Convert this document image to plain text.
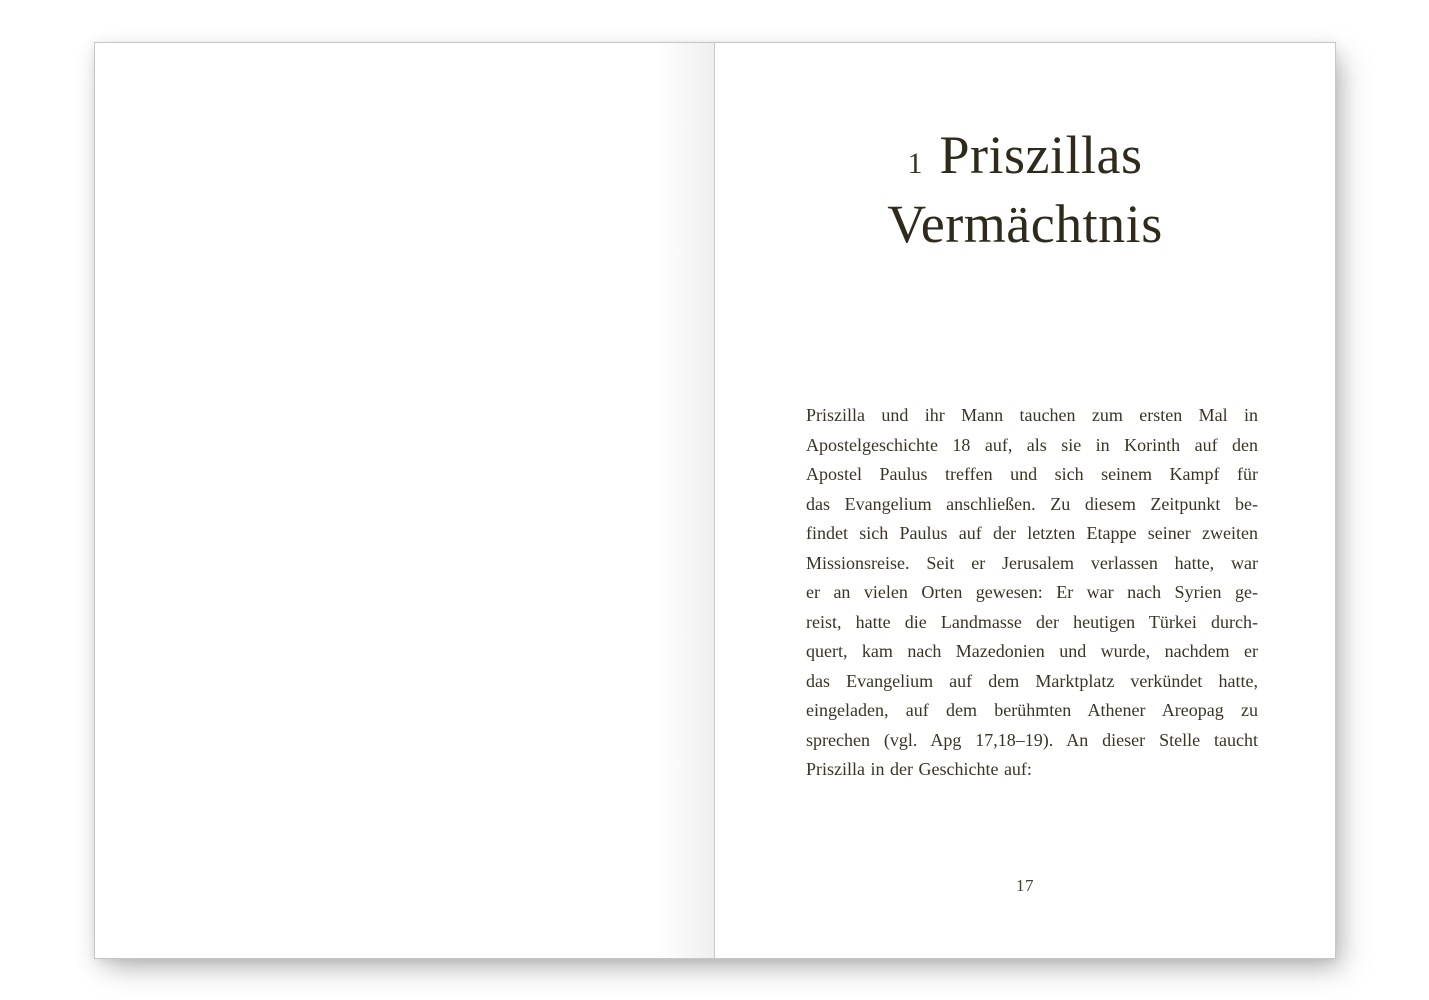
1 Priszillas
Vermächtnis
Priszilla und ihr Mann tauchen zum ersten Mal in
Apostelgeschichte 18 auf, als sie in Korinth auf den
Apostel Paulus treffen und sich seinem Kampf für
das Evangelium anschließen. Zu diesem Zeitpunkt be-
findet sich Paulus auf der letzten Etappe seiner zweiten
Missionsreise. Seit er Jerusalem verlassen hatte, war
er an vielen Orten gewesen: Er war nach Syrien ge-
reist, hatte die Landmasse der heutigen Türkei durch-
quert, kam nach Mazedonien und wurde, nachdem er
das Evangelium auf dem Marktplatz verkündet hatte,
eingeladen, auf dem berühmten Athener Areopag zu
sprechen (vgl. Apg 17,18–19). An dieser Stelle taucht
Priszilla in der Geschichte auf:
17
